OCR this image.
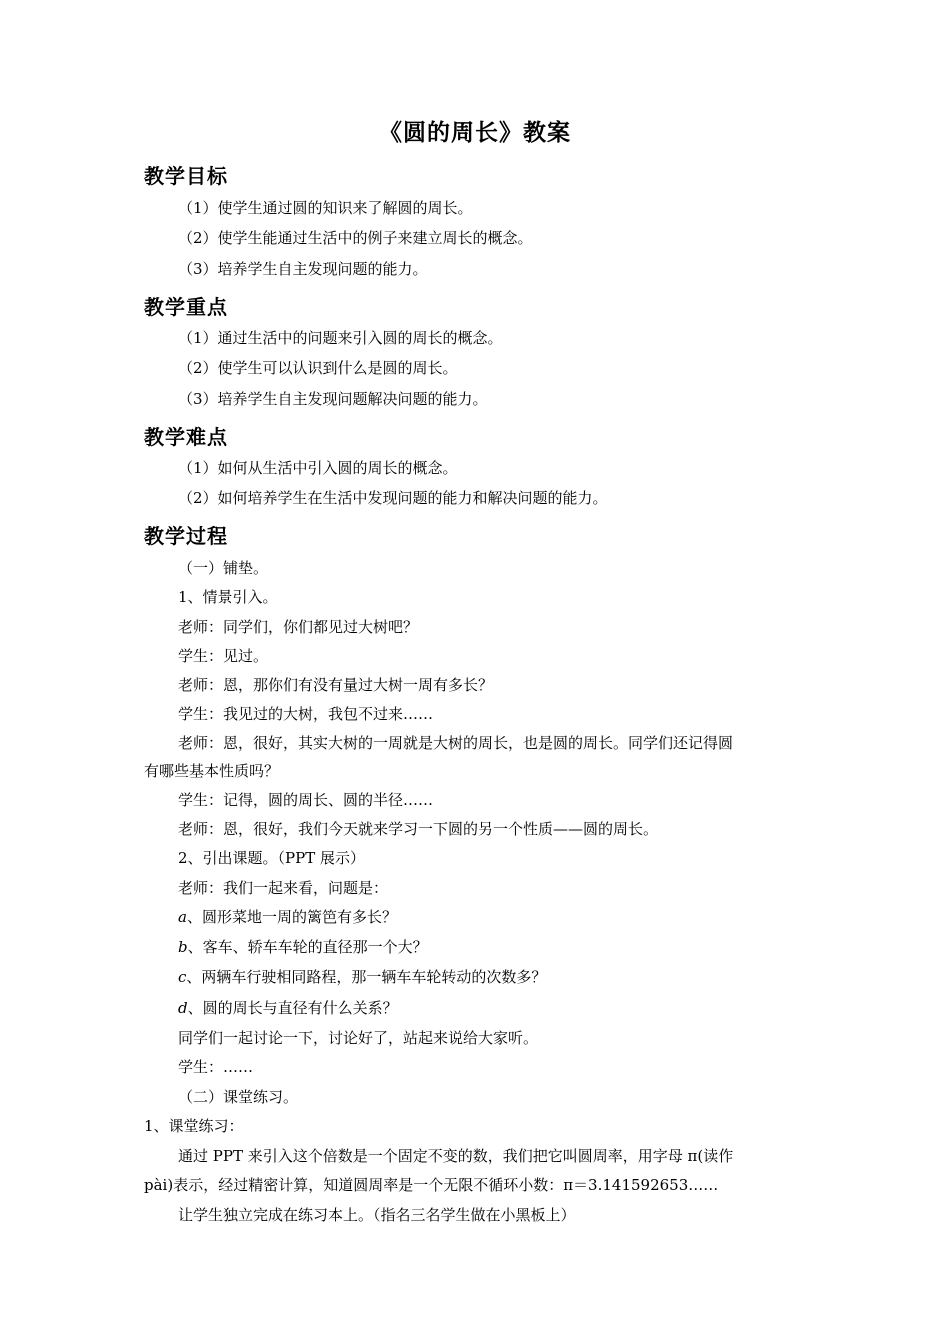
《圆的周长》教案
教学目标
（1）使学生通过圆的知识来了解圆的周长。
（2）使学生能通过生活中的例子来建立周长的概念。
（3）培养学生自主发现问题的能力。
教学重点
（1）通过生活中的问题来引入圆的周长的概念。
（2）使学生可以认识到什么是圆的周长。
（3）培养学生自主发现问题解决问题的能力。
教学难点
（1）如何从生活中引入圆的周长的概念。
（2）如何培养学生在生活中发现问题的能力和解决问题的能力。
教学过程
（一）铺垫。
1、情景引入。
老师：同学们，你们都见过大树吧？
学生：见过。
老师：恩，那你们有没有量过大树一周有多长？
学生：我见过的大树，我包不过来……
老师：恩，很好，其实大树的一周就是大树的周长，也是圆的周长。同学们还记得圆
有哪些基本性质吗？
学生：记得，圆的周长、圆的半径……
老师：恩，很好，我们今天就来学习一下圆的另一个性质——圆的周长。
2、引出课题。（PPT 展示）
老师：我们一起来看，问题是：
a、圆形菜地一周的篱笆有多长？
b、客车、轿车车轮的直径那一个大？
c、两辆车行驶相同路程，那一辆车车轮转动的次数多？
d、圆的周长与直径有什么关系？
同学们一起讨论一下，讨论好了，站起来说给大家听。
学生：……
（二）课堂练习。
1、课堂练习：
通过 PPT 来引入这个倍数是一个固定不变的数，我们把它叫圆周率，用字母 π(读作
pài)表示，经过精密计算，知道圆周率是一个无限不循环小数：π＝3.141592653……
让学生独立完成在练习本上。（指名三名学生做在小黑板上）
